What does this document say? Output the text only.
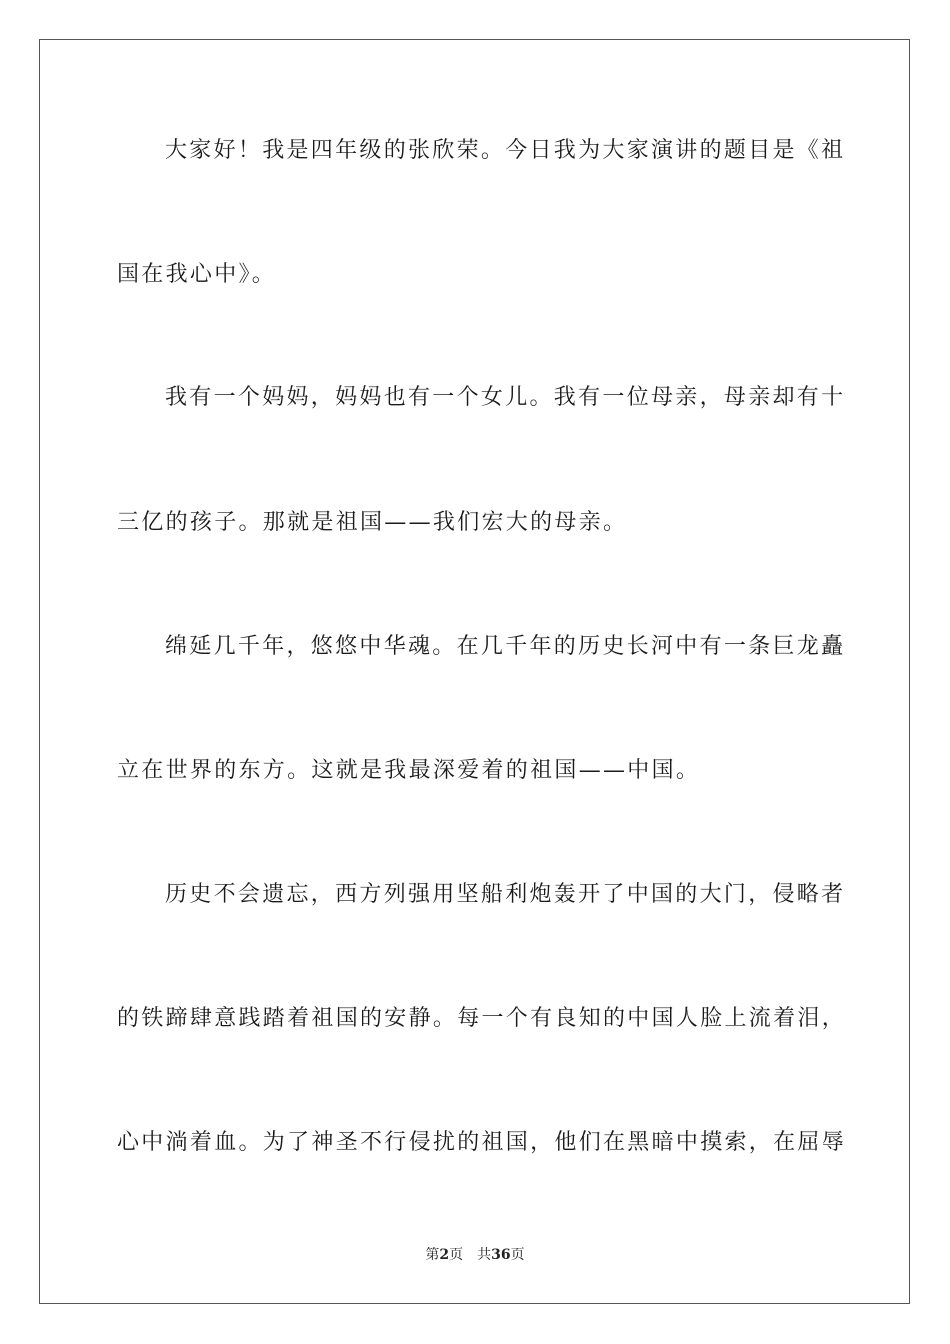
大家好！我是四年级的张欣荣。今日我为大家演讲的题目是《祖
国在我心中》。
我有一个妈妈，妈妈也有一个女儿。我有一位母亲，母亲却有十
三亿的孩子。那就是祖国——我们宏大的母亲。
绵延几千年，悠悠中华魂。在几千年的历史长河中有一条巨龙矗
立在世界的东方。这就是我最深爱着的祖国——中国。
历史不会遗忘，西方列强用坚船利炮轰开了中国的大门，侵略者
的铁蹄肆意践踏着祖国的安静。每一个有良知的中国人脸上流着泪，
心中淌着血。为了神圣不行侵扰的祖国，他们在黑暗中摸索，在屈辱
第2页 共36页
